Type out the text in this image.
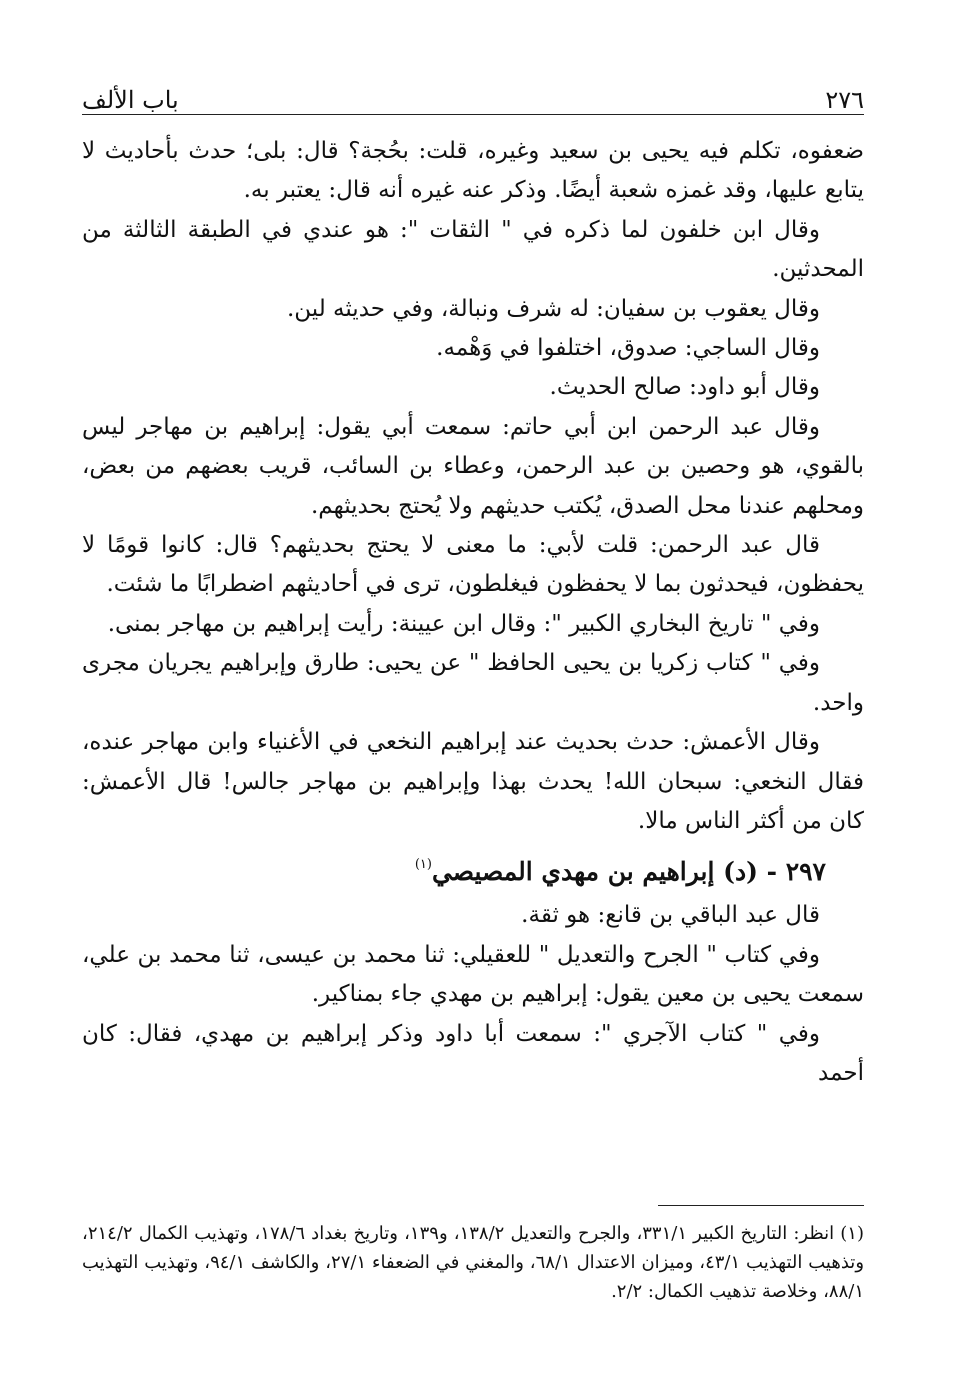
٢٧٦
باب الألف

ضعفوه، تكلم فيه يحيى بن سعيد وغيره، قلت: بحُجة؟ قال: بلى؛ حدث بأحاديث لا يتابع عليها، وقد غمزه شعبة أيضًا. وذكر عنه غيره أنه قال: يعتبر به.

وقال ابن خلفون لما ذكره في " الثقات ": هو عندي في الطبقة الثالثة من المحدثين.

وقال يعقوب بن سفيان: له شرف ونبالة، وفي حديثه لين.

وقال الساجي: صدوق، اختلفوا في وَهْمه.

وقال أبو داود: صالح الحديث.

وقال عبد الرحمن ابن أبي حاتم: سمعت أبي يقول: إبراهيم بن مهاجر ليس بالقوي، هو وحصين بن عبد الرحمن، وعطاء بن السائب، قريب بعضهم من بعض، ومحلهم عندنا محل الصدق، يُكتب حديثهم ولا يُحتج بحديثهم.

قال عبد الرحمن: قلت لأبي: ما معنى لا يحتج بحديثهم؟ قال: كانوا قومًا لا يحفظون، فيحدثون بما لا يحفظون فيغلطون، ترى في أحاديثهم اضطرابًا ما شئت.

وفي " تاريخ البخاري الكبير ": وقال ابن عيينة: رأيت إبراهيم بن مهاجر بمنى.

وفي " كتاب زكريا بن يحيى الحافظ " عن يحيى: طارق وإبراهيم يجريان مجرى واحد.

وقال الأعمش: حدث بحديث عند إبراهيم النخعي في الأغنياء وابن مهاجر عنده، فقال النخعي: سبحان الله! يحدث بهذا وإبراهيم بن مهاجر جالس! قال الأعمش: كان من أكثر الناس مالا.

٢٩٧ - (د) إبراهيم بن مهدي المصيصي$^{(١)}$

قال عبد الباقي بن قانع: هو ثقة.

وفي كتاب " الجرح والتعديل " للعقيلي: ثنا محمد بن عيسى، ثنا محمد بن علي، سمعت يحيى بن معين يقول: إبراهيم بن مهدي جاء بمناكير.

وفي " كتاب الآجري ": سمعت أبا داود وذكر إبراهيم بن مهدي، فقال: كان أحمد

(١) انظر: التاريخ الكبير ٣٣١/١، والجرح والتعديل ١٣٨/٢، و١٣٩، وتاريخ بغداد ١٧٨/٦، وتهذيب الكمال ٢١٤/٢، وتذهيب التهذيب ٤٣/١، وميزان الاعتدال ٦٨/١، والمغني في الضعفاء ٢٧/١، والكاشف ٩٤/١، وتهذيب التهذيب ٨٨/١، وخلاصة تذهيب الكمال: ٢/٢.
